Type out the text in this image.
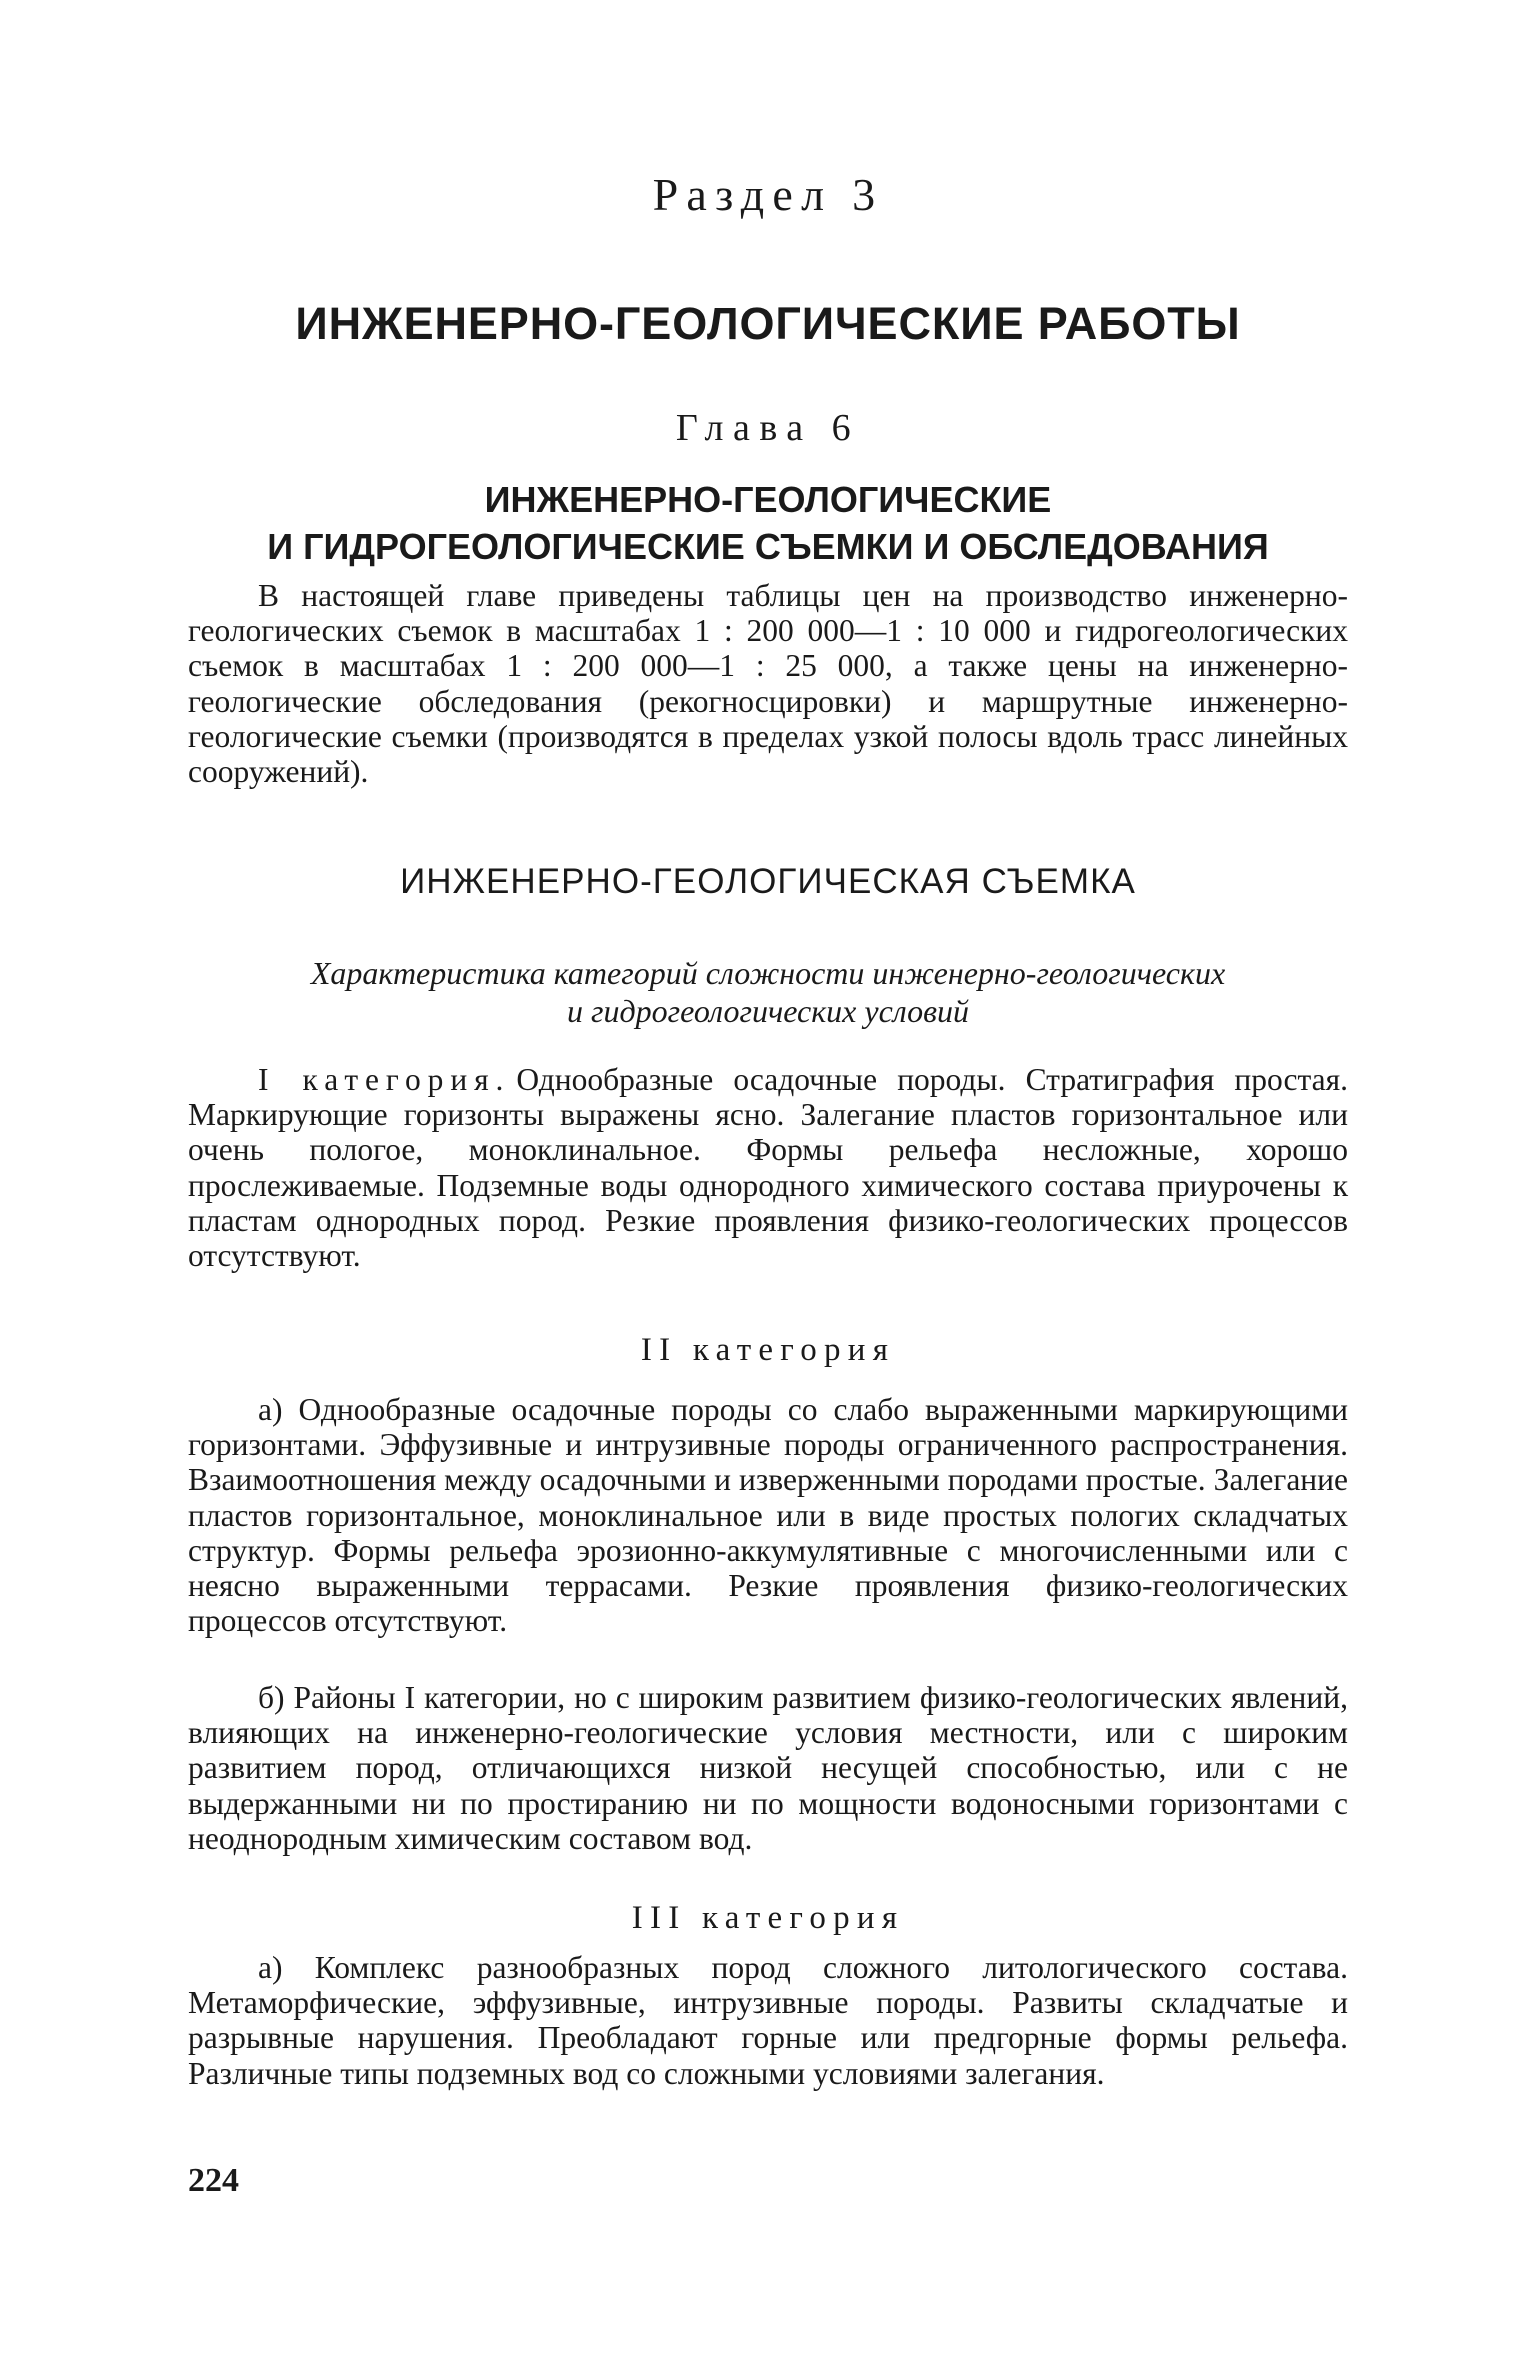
Раздел 3
ИНЖЕНЕРНО-ГЕОЛОГИЧЕСКИЕ РАБОТЫ
Глава 6
ИНЖЕНЕРНО-ГЕОЛОГИЧЕСКИЕ
И ГИДРОГЕОЛОГИЧЕСКИЕ СЪЕМКИ И ОБСЛЕДОВАНИЯ

В настоящей главе приведены таблицы цен на производство инженерно-геологических съемок в масштабах 1 : 200 000—1 : 10 000 и гидрогеологических съемок в масштабах 1 : 200 000—1 : 25 000, а также цены на инженерно-геологические обследования (рекогносцировки) и маршрутные инженерно-геологические съемки (производятся в пределах узкой полосы вдоль трасс линейных сооружений).

ИНЖЕНЕРНО-ГЕОЛОГИЧЕСКАЯ СЪЕМКА
Характеристика категорий сложности инженерно-геологических
и гидрогеологических условий

I категория. Однообразные осадочные породы. Стратиграфия простая. Маркирующие горизонты выражены ясно. Залегание пластов горизонтальное или очень пологое, моноклинальное. Формы рельефа несложные, хорошо прослеживаемые. Подземные воды однородного химического состава приурочены к пластам однородных пород. Резкие проявления физико-геологических процессов отсутствуют.

II категория

а) Однообразные осадочные породы со слабо выраженными маркирующими горизонтами. Эффузивные и интрузивные породы ограниченного распространения. Взаимоотношения между осадочными и изверженными породами простые. Залегание пластов горизонтальное, моноклинальное или в виде простых пологих складчатых структур. Формы рельефа эрозионно-аккумулятивные с многочисленными или с неясно выраженными террасами. Резкие проявления физико-геологических процессов отсутствуют.

б) Районы I категории, но с широким развитием физико-геологических явлений, влияющих на инженерно-геологические условия местности, или с широким развитием пород, отличающихся низкой несущей способностью, или с не выдержанными ни по простиранию ни по мощности водоносными горизонтами с неоднородным химическим составом вод.

III категория

а) Комплекс разнообразных пород сложного литологического состава. Метаморфические, эффузивные, интрузивные породы. Развиты складчатые и разрывные нарушения. Преобладают горные или предгорные формы рельефа. Различные типы подземных вод со сложными условиями залегания.

224
